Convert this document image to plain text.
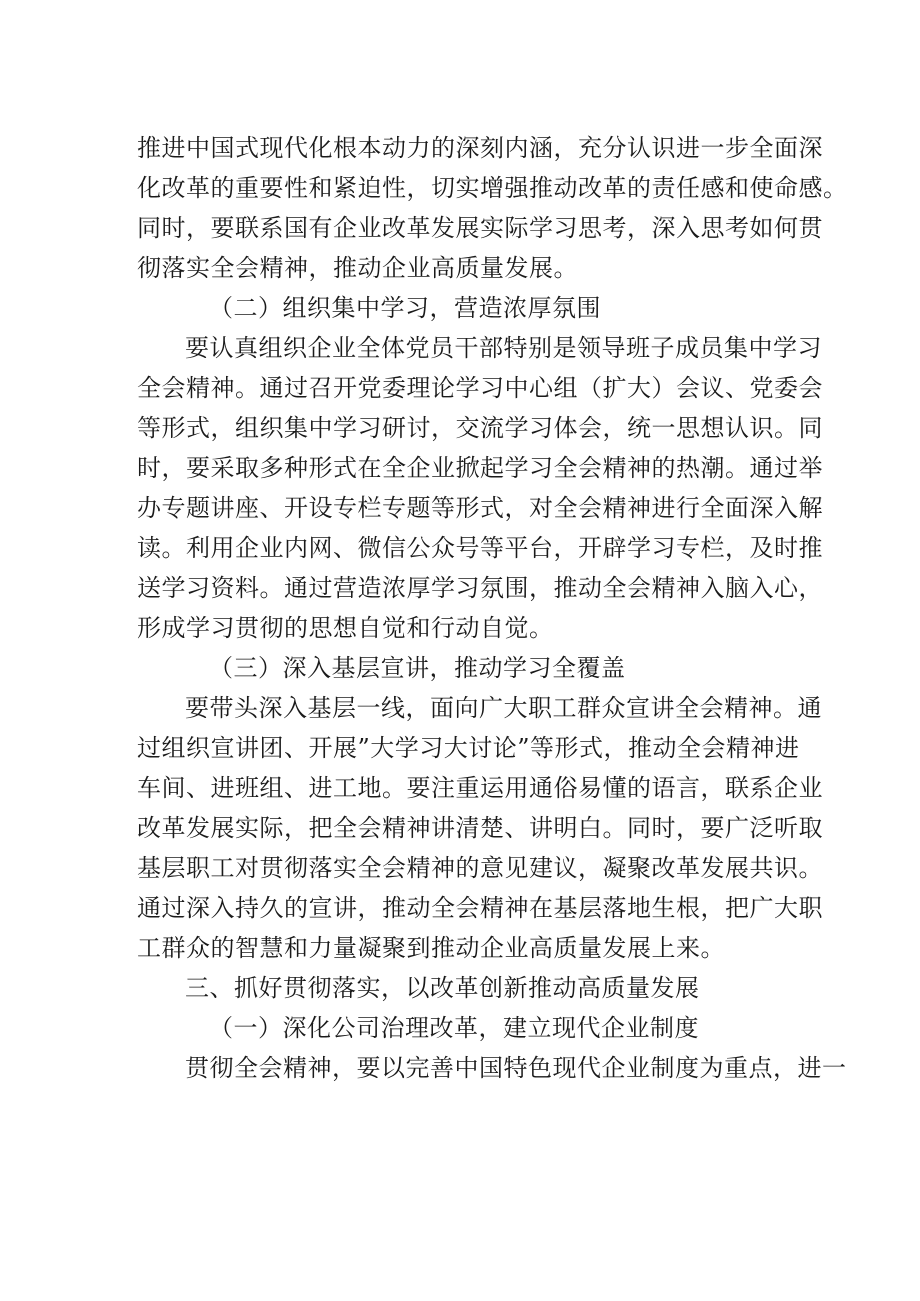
推进中国式现代化根本动力的深刻内涵，充分认识进一步全面深
化改革的重要性和紧迫性，切实增强推动改革的责任感和使命感。
同时，要联系国有企业改革发展实际学习思考，深入思考如何贯
彻落实全会精神，推动企业高质量发展。
（二）组织集中学习，营造浓厚氛围
要认真组织企业全体党员干部特别是领导班子成员集中学习
全会精神。通过召开党委理论学习中心组（扩大）会议、党委会
等形式，组织集中学习研讨，交流学习体会，统一思想认识。同
时，要采取多种形式在全企业掀起学习全会精神的热潮。通过举
办专题讲座、开设专栏专题等形式，对全会精神进行全面深入解
读。利用企业内网、微信公众号等平台，开辟学习专栏，及时推
送学习资料。通过营造浓厚学习氛围，推动全会精神入脑入心，
形成学习贯彻的思想自觉和行动自觉。
（三）深入基层宣讲，推动学习全覆盖
要带头深入基层一线，面向广大职工群众宣讲全会精神。通
过组织宣讲团、开展”大学习大讨论”等形式，推动全会精神进
车间、进班组、进工地。要注重运用通俗易懂的语言，联系企业
改革发展实际，把全会精神讲清楚、讲明白。同时，要广泛听取
基层职工对贯彻落实全会精神的意见建议，凝聚改革发展共识。
通过深入持久的宣讲，推动全会精神在基层落地生根，把广大职
工群众的智慧和力量凝聚到推动企业高质量发展上来。
三、抓好贯彻落实，以改革创新推动高质量发展
（一）深化公司治理改革，建立现代企业制度
贯彻全会精神，要以完善中国特色现代企业制度为重点，进一
